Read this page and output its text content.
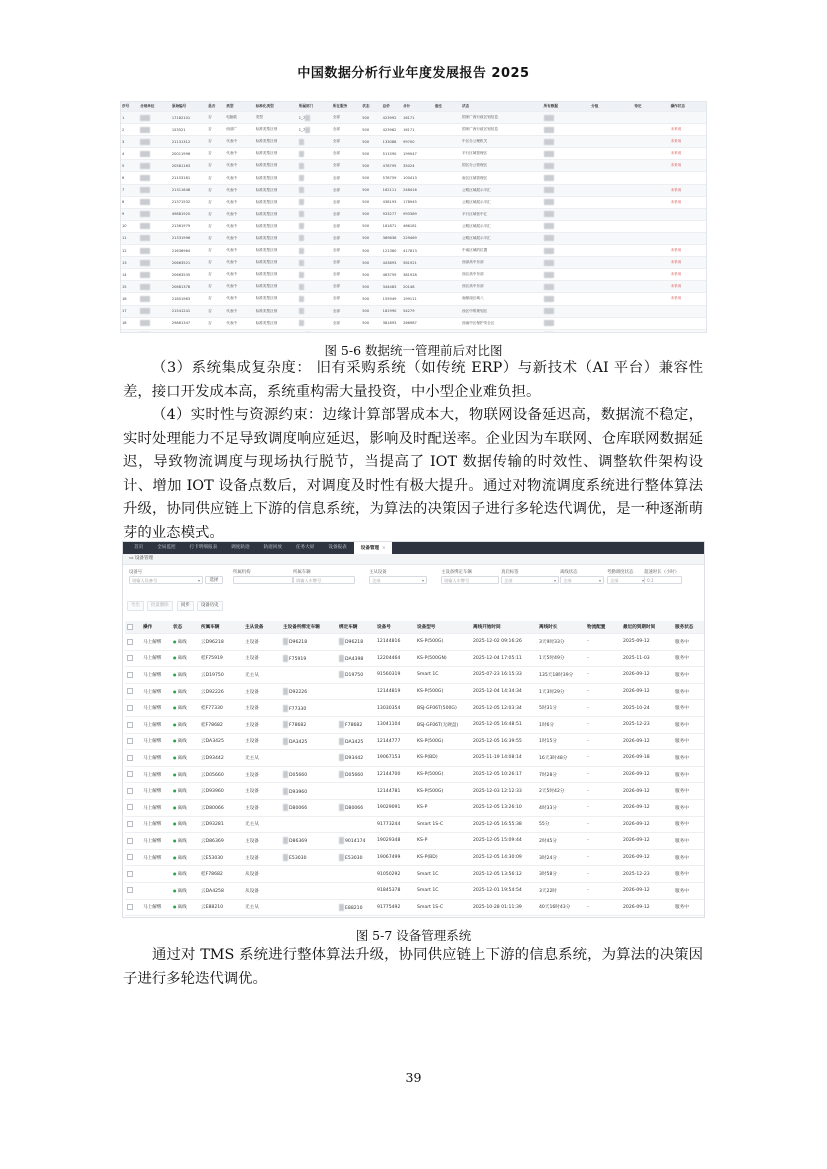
中国数据分析行业年度发展报告 2025
序号	合规单位	原始编号	是否	类型	标准化类型	所属部门	所在服务	状态	总价	合计	备注	状态	所有数据	分组	待定	操作状态
1		17182101	否	电脑款	类型	1_7	全部	500	423992	16171		国家广西行政区划信息				
2		153521	否	西部广	标准类型区别	1_7	全部	500	423962	16171		国家广西行政区划信息				未采用
3		21131312	否	代表中	标准类型区别		全部	500	133088	99700		中区办公理机关				未采用
4		20011996	否	代表中	标准类型区别		全部	500	511590	199047		平行区域管理区				未采用
5		20581163	否	代表中	标准类型区别		全部	500	478795	35024		国区办公管理区				未采用
6		21153181	否	代表中	标准类型区别		全部	500	578759	100413		南区区域管理区				
7		21311648	否	代表中	标准类型区别		全部	500	162111	248416		公路区域展示平汇				未采用
8		21371532	否	代表中	标准类型区别		全部	500	438193	178945		公路区域展示平汇				未采用
9		49881920	否	代表中	标准类型区别		全部	500	933277	993389		平行区域营中汇				
10		21361979	否	代表中	标准类型区别		全部	500	161871	466181		公路区域展示平汇				
11		21331996	否	代表中	标准类型区别		全部	500	389836	229469		公路区域展示平汇				
12		21636964	否	代表中	标准类型区别		全部	500	121360	417813		中南区域的位置				未采用
13		20663521	否	代表中	标准类型区别		全部	500	443893	581921		西部高中东部				未采用
14		20663535	否	代表中	标准类型区别		全部	500	463759	381928		西区高中东部				未采用
15		20681378	否	代表中	标准类型区别		全部	500	344483	20148		西区高中东部				未采用
16		21801963	否	代表中	标准类型区别		全部	500	155949	199111		南邮南区域八				未采用
17		21541241	否	代表中	标准类型区别		全部	500	181990	54279		西区中的规划区				
18		29861347	否	代表中	标准类型区别		全部	500	381893	266987		西南中区保护安全区				

图 5-6 数据统一管理前后对比图

（3）系统集成复杂度： 旧有采购系统（如传统 ERP）与新技术（AI 平台）兼容性差，接口开发成本高，系统重构需大量投资，中小型企业难负担。

（4）实时性与资源约束：边缘计算部署成本大，物联网设备延迟高，数据流不稳定，实时处理能力不足导致调度响应延迟，影响及时配送率。企业因为车联网、仓库联网数据延迟，导致物流调度与现场执行脱节，当提高了 IOT 数据传输的时效性、调整软件架构设计、增加 IOT 设备点数后，对调度及时性有极大提升。通过对物流调度系统进行整体算法升级，协同供应链上下游的信息系统，为算法的决策因子进行多轮迭代调优，是一种逐渐萌芽的业态模式。

首页	全局监控	打卡明细报表	调度轨迹	轨迹回放	任务大屏	设备报表	设备管理 ✕
▭ 设备管理
设备号
请输入设备号	▾
所属机构	所属车辆
请输入车牌号
主从设备
全部	▾
主设备绑定车辆
请输入车牌号
真启标签
全部	▾
离线状态
全部	▾
考勤调度状态
全部	▾
超速时长（小时）
0.1
选择
导出	批量删除	同步	设备历史
	操作	状态	所属车辆	主从设备	主设备所绑定车辆	绑定车辆	设备号	设备型号	离线开始时间	离线时长	物流配置	最近的到期时间	服务状态
	马上解绑	●离线	云D96218	主设备	D96218	D96218	12144816	KS-P(500G)	2025-12-02 09:16:26	3天9时33分	-	2025-09-12	服务中
	马上解绑	●离线	桂F75919	主设备	F75919	DA4398	12204464	KS-P(500GN)	2025-12-04 17:05:11	1天5时49分	-	2025-11-03	服务中
	马上解绑	●离线	云D19750	无主从		D19750	91560319	Smart 1C	2025-07-23 16:15:33	135天18时39分	-	2026-09-12	服务中
	马上解绑	●离线	云D92226	主设备	D92226		12144819	KS-P(500G)	2025-12-04 14:34:34	1天3时29分	-	2026-09-12	服务中
	马上解绑	●离线	桂F77330	主设备	F77330		13030354	BSJ-GF06T(500G)	2025-12-05 12:03:34	5时31分	-	2025-10-24	服务中
	马上解绑	●离线	桂F78682	主设备	F78682	F78682	13041104	BSJ-GF06T(无硬盘)	2025-12-05 16:48:51	1时6分	-	2025-12-23	服务中
	马上解绑	●离线	云DA3425	主设备	DA3425	DA3425	12144777	KS-P(500G)	2025-12-05 16:39:55	1时15分	-	2026-09-12	服务中
	马上解绑	●离线	云D93442	无主从		D93442	19067153	KS-P(BD)	2025-11-19 14:08:14	16天3时48分	-	2026-09-18	服务中
	马上解绑	●离线	云D05660	主设备	D05660	D05660	12144700	KS-P(500G)	2025-12-05 10:26:17	7时28分	-	2026-09-12	服务中
	马上解绑	●离线	云D93960	主设备	D93960		12144781	KS-P(500G)	2025-12-03 12:12:33	2天5时42分	-	2026-09-12	服务中
	马上解绑	●离线	云D80066	主设备	D80066	D80066	19029091	KS-P	2025-12-05 13:26:10	4时33分	-	2026-09-12	服务中
	马上解绑	●离线	云D93281	无主从			91773244	Smart 1S-C	2025-12-05 16:55:38	55分	-	2026-09-12	服务中
	马上解绑	●离线	云D86369	主设备	D86369	9014174	19029348	KS-P	2025-12-05 15:09:44	2时45分	-	2026-09-12	服务中
	马上解绑	●离线	云E53030	主设备	E53030	E53030	19067499	KS-P(BD)	2025-12-05 14:30:09	3时24分	-	2026-09-12	服务中
		●离线	桂F78682	从设备			91050292	Smart 1C	2025-12-05 13:56:12	3时58分	-	2025-12-23	服务中
		●离线	云DA4258	从设备			91845378	Smart 1C	2025-12-01 19:54:54	3天22时	-	2026-09-12	服务中
	马上解绑	●离线	云E88210	无主从		E88210	91775492	Smart 1S-C	2025-10-28 01:11:39	40天16时43分	-	2026-09-12	服务中

图 5-7 设备管理系统

通过对 TMS 系统进行整体算法升级，协同供应链上下游的信息系统，为算法的决策因子进行多轮迭代调优。

39
